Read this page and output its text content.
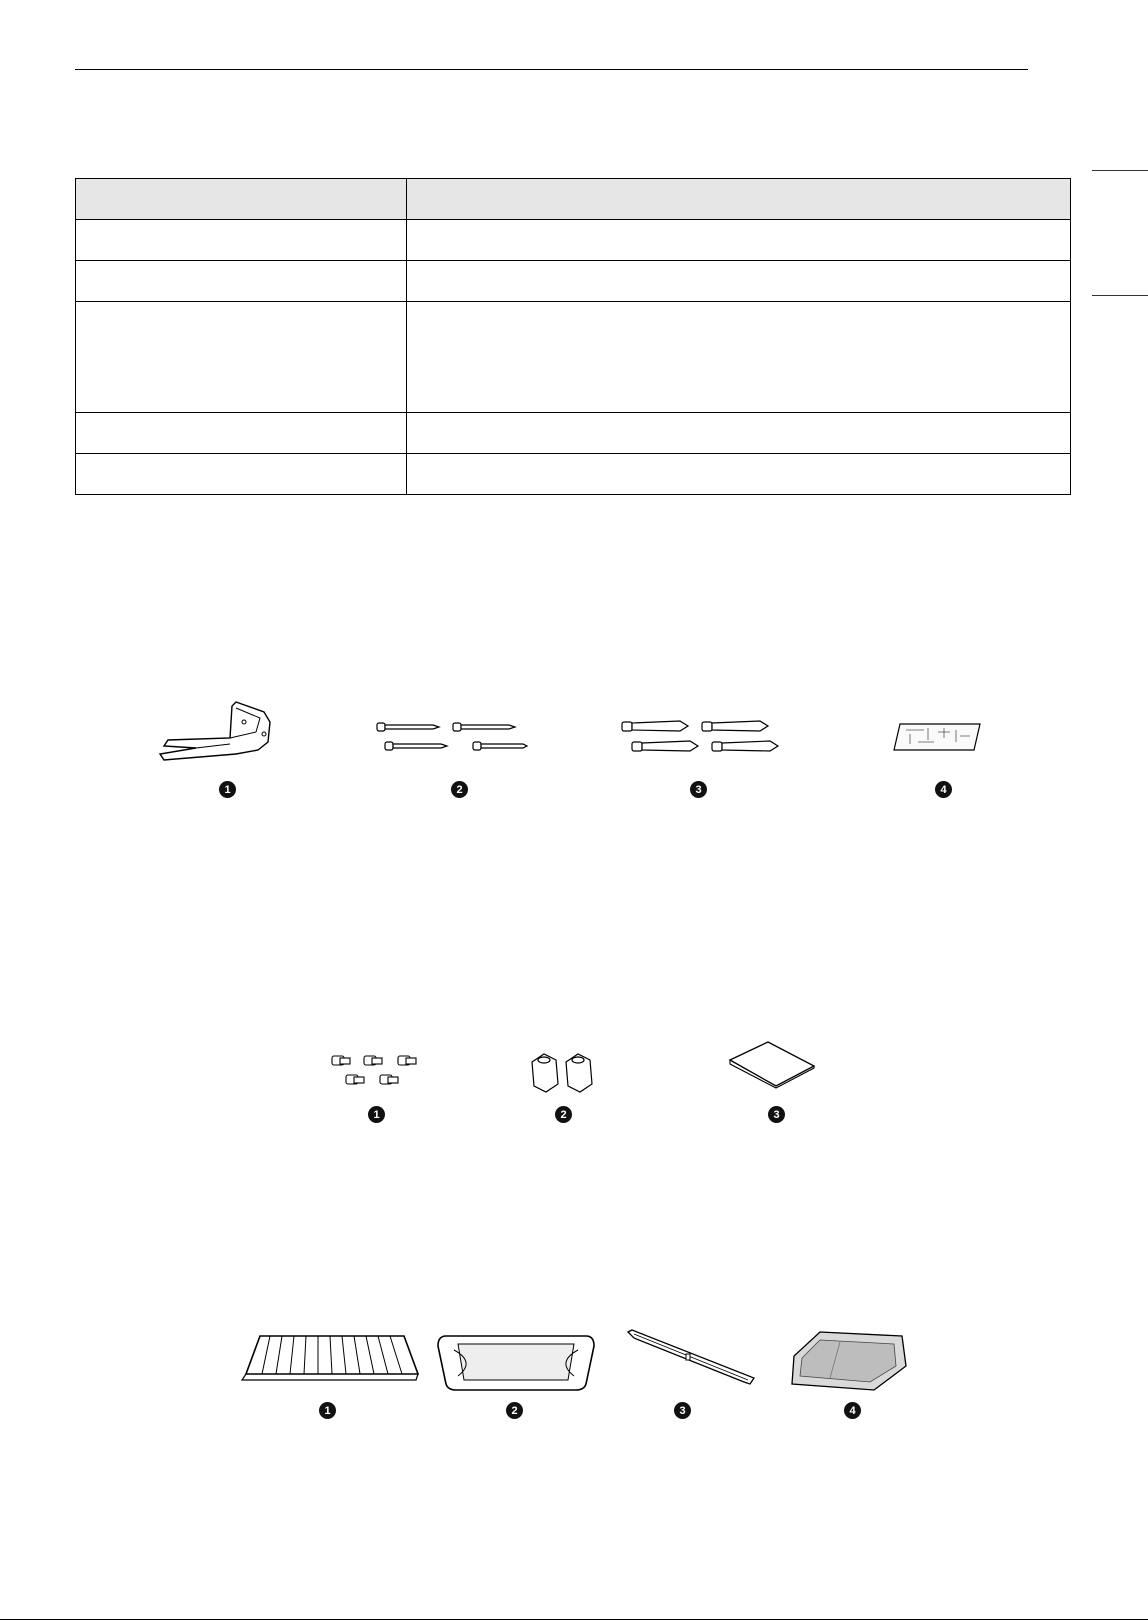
1	2	3	4
1	2	3
1	2	3	4
